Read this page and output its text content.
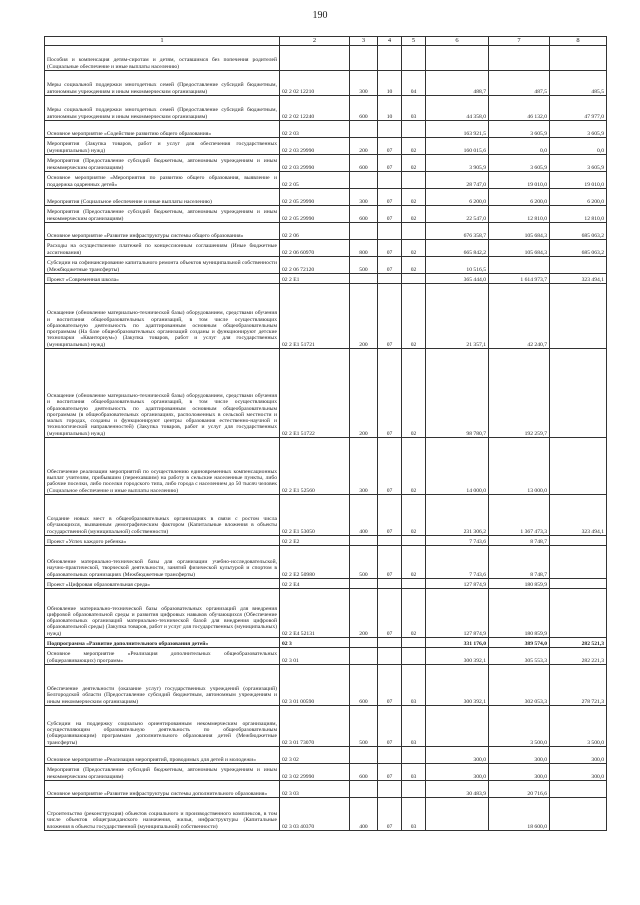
190
1	2	3	4	5	6	7	8
Пособия и компенсация детям-сиротам и детям, оставшимся без попечения родителей (Социальные обеспечение и иные выплаты населению)							
Меры социальной поддержки многодетных семей (Предоставление субсидий бюджетным, автономным учреждениям и иным некоммерческим организациям)	02 2 02 12210	300	10	04	488,7	487,5	485,5
Меры социальной поддержки многодетных семей (Предоставление субсидий бюджетным, автономным учреждениям и иным некоммерческим организациям)	02 2 02 12240	600	10	03	44 358,0	46 132,0	47 977,0
Основное мероприятие «Содействие развитию общего образования»	02 2 03				163 921,5	3 605,9	3 605,9
Мероприятия (Закупка товаров, работ и услуг для обеспечения государственных (муниципальных) нужд)	02 2 03 29990	200	07	02	160 015,6	0,0	0,0
Мероприятия (Предоставление субсидий бюджетным, автономным учреждениям и иным некоммерческим организациям)	02 2 03 29990	600	07	02	3 905,9	3 605,9	3 605,9
Основное мероприятие «Мероприятия по развитию общего образования, выявление и поддержка одаренных детей»	02 2 05				28 747,0	19 010,0	19 010,0
Мероприятия (Социальное обеспечение и иные выплаты населению)	02 2 05 29990	300	07	02	6 200,0	6 200,0	6 200,0
Мероприятия (Предоставление субсидий бюджетным, автономным учреждениям и иным некоммерческим организациям)	02 2 05 29990	600	07	02	22 547,0	12 810,0	12 810,0
Основное мероприятие «Развитие инфраструктуры системы общего образования»	02 2 06				676 358,7	105 684,3	685 063,2
Расходы на осуществление платежей по концессионным соглашениям (Иные бюджетные ассигнования)	02 2 06 60970	800	07	02	665 842,2	105 684,3	685 063,2
Субсидии на софинансирование капитального ремонта объектов муниципальной собственности (Межбюджетные трансферты)	02 2 06 72120	500	07	02	10 516,5		
Проект «Современная школа»	02 2 E1				365 444,0	1 614 973,7	323 494,1
Оснащение (обновление материально-технической базы) оборудованием, средствами обучения и воспитания общеобразовательных организаций, в том числе осуществляющих образовательную деятельность по адаптированным основным общеобразовательным программам (На базе общеобразовательных организаций созданы и функционируют детские технопарки «Кванториум») (Закупка товаров, работ и услуг для государственных (муниципальных) нужд)	02 2 E1 51721	200	07	02	21 357,1	42 240,7	
Оснащение (обновление материально-технической базы) оборудованием, средствами обучения и воспитания общеобразовательных организаций, в том числе осуществляющих образовательную деятельность по адаптированным основным общеобразовательным программам (в общеобразовательных организациях, расположенных в сельской местности и малых городах, созданы и функционируют центры образования естественно-научной и технологической направленностей) (Закупка товаров, работ и услуг для государственных (муниципальных) нужд)	02 2 E1 51722	200	07	02	98 780,7	192 259,7	
Обеспечение реализации мероприятий по осуществлению единовременных компенсационных выплат учителям, прибывшим (переехавшим) на работу в сельские населенные пункты, либо рабочие поселки, либо поселки городского типа, либо города с населением до 50 тысяч человек (Социальное обеспечение и иные выплаты населению)	02 2 E1 52560	300	07	02	14 000,0	13 000,0	
Создание новых мест в общеобразовательных организациях в связи с ростом числа обучающихся, вызванным демографическим фактором (Капитальные вложения в объекты государственной (муниципальной) собственности)	02 2 E1 53050	400	07	02	231 306,2	1 367 473,3	323 494,1
Проект «Успех каждого ребенка»	02 2 E2				7 743,6	8 748,7	
Обновление материально-технической базы для организации учебно-исследовательской, научно-практической, творческой деятельности, занятий физической культурой и спортом в образовательных организациях (Межбюджетные трансферты)	02 2 E2 50980	500	07	02	7 743,6	8 748,7	
Проект «Цифровая образовательная среда»	02 2 E4				127 874,9	180 859,9	
Обновление материально-технической базы образовательных организаций для внедрения цифровой образовательной среды и развития цифровых навыков обучающихся (Обеспечение образовательных организаций материально-технической базой для внедрения цифровой образовательной среды) (Закупка товаров, работ и услуг для государственных (муниципальных) нужд)	02 2 E4 52131	200	07	02	127 874,9	180 859,9	
Подпрограмма «Развитие дополнительного образования детей»	02 3				331 176,0	389 574,0	282 521,3
Основное мероприятие «Реализация дополнительных общеобразовательных (общеразвивающих) программ»	02 3 01				300 392,1	305 553,3	282 221,3
Обеспечение деятельности (оказание услуг) государственных учреждений (организаций) Белгородской области (Предоставление субсидий бюджетным, автономным учреждениям и иным некоммерческим организациям)	02 3 01 00590	600	07	03	300 392,1	302 053,3	278 721,3
Субсидии на поддержку социально ориентированным некоммерческим организациям, осуществляющим образовательную деятельность по общеобразовательным (общеразвивающим) программам дополнительного образования детей (Межбюджетные трансферты)	02 3 01 73070	500	07	03		3 500,0	3 500,0
Основное мероприятие «Реализация мероприятий, проводимых для детей и молодежи»	02 3 02				300,0	300,0	300,0
Мероприятия (Предоставление субсидий бюджетным, автономным учреждениям и иным некоммерческим организациям)	02 3 02 29990	600	07	03	300,0	300,0	300,0
Основное мероприятие «Развитие инфраструктуры системы дополнительного образования»	02 3 03				30 483,9	20 716,6	
Строительство (реконструкция) объектов социального и производственного комплексов, в том числе объектов общегражданского назначения, жилья, инфраструктуры (Капитальные вложения в объекты государственной (муниципальной) собственности)	02 3 03 40370	400	07	03		18 600,0	
